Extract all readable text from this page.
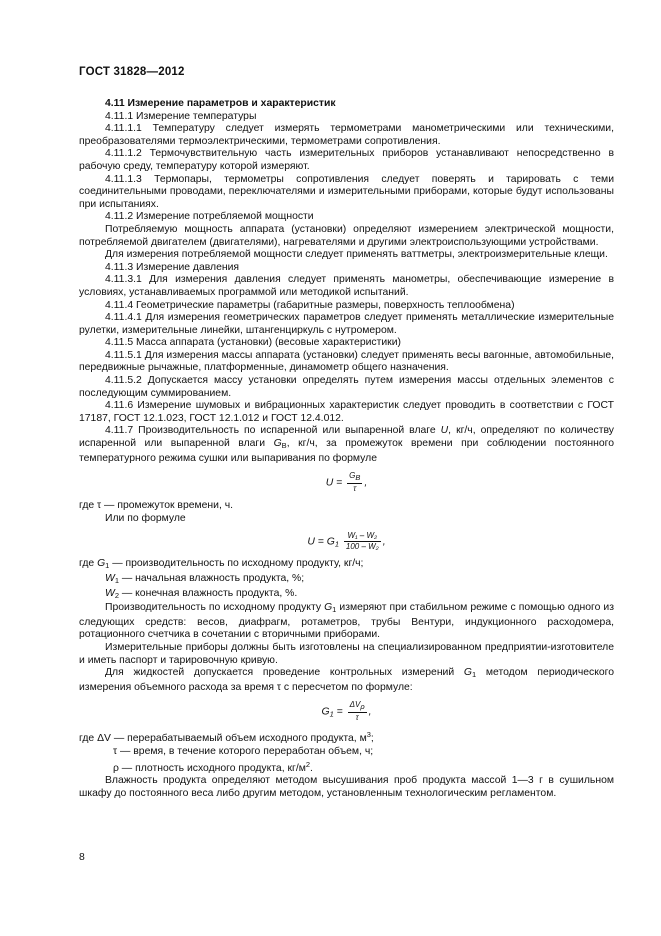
ГОСТ 31828—2012

4.11 Измерение параметров и характеристик

4.11.1 Измерение температуры

4.11.1.1 Температуру следует измерять термометрами манометрическими или техническими, преобразователями термоэлектрическими, термометрами сопротивления.

4.11.1.2 Термочувствительную часть измерительных приборов устанавливают непосредственно в рабочую среду, температуру которой измеряют.

4.11.1.3 Термопары, термометры сопротивления следует поверять и тарировать с теми соединительными проводами, переключателями и измерительными приборами, которые будут использованы при испытаниях.

4.11.2 Измерение потребляемой мощности

Потребляемую мощность аппарата (установки) определяют измерением электрической мощности, потребляемой двигателем (двигателями), нагревателями и другими электроиспользующими устройствами.

Для измерения потребляемой мощности следует применять ваттметры, электроизмерительные клещи.

4.11.3 Измерение давления

4.11.3.1 Для измерения давления следует применять манометры, обеспечивающие измерение в условиях, устанавливаемых программой или методикой испытаний.

4.11.4 Геометрические параметры (габаритные размеры, поверхность теплообмена)

4.11.4.1 Для измерения геометрических параметров следует применять металлические измерительные рулетки, измерительные линейки, штангенциркуль с нутромером.

4.11.5 Масса аппарата (установки) (весовые характеристики)

4.11.5.1 Для измерения массы аппарата (установки) следует применять весы вагонные, автомобильные, передвижные рычажные, платформенные, динамометр общего назначения.

4.11.5.2 Допускается массу установки определять путем измерения массы отдельных элементов с последующим суммированием.

4.11.6 Измерение шумовых и вибрационных характеристик следует проводить в соответствии с ГОСТ 17187, ГОСТ 12.1.023, ГОСТ 12.1.012 и ГОСТ 12.4.012.

4.11.7 Производительность по испаренной или выпаренной влаге U, кг/ч, определяют по количеству испаренной или выпаренной влаги $G_В$, кг/ч, за промежуток времени при соблюдении постоянного температурного режима сушки или выпаривания по формуле

$U = \frac{GВ}{\tau}$ ,

где τ — промежуток времени, ч.

Или по формуле

$U = G_1 \frac{\text{W₁ – W₂}}{\text{100 – W₂}}$ ,

где $G_1$ — производительность по исходному продукту, кг/ч;

$W_1$ — начальная влажность продукта, %;

$W_2$ — конечная влажность продукта, %.

Производительность по исходному продукту $G_1$ измеряют при стабильном режиме с помощью одного из следующих средств: весов, диафрагм, ротаметров, трубы Вентури, индукционного расходомера, ротационного счетчика в сочетании с вторичными приборами.

Измерительные приборы должны быть изготовлены на специализированном предприятии-изготовителе и иметь паспорт и тарировочную кривую.

Для жидкостей допускается проведение контрольных измерений $G_1$ методом периодического измерения объемного расхода за время τ с пересчетом по формуле:

$G_1 = \frac{\text{ΔVρ}}{\tau}$ ,

где ΔV — перерабатываемый объем исходного продукта, $м^3$;

τ — время, в течение которого переработан объем, ч;

ρ — плотность исходного продукта, $кг/м^2$.

Влажность продукта определяют методом высушивания проб продукта массой 1—3 г в сушильном шкафу до постоянного веса либо другим методом, установленным технологическим регламентом.

8
